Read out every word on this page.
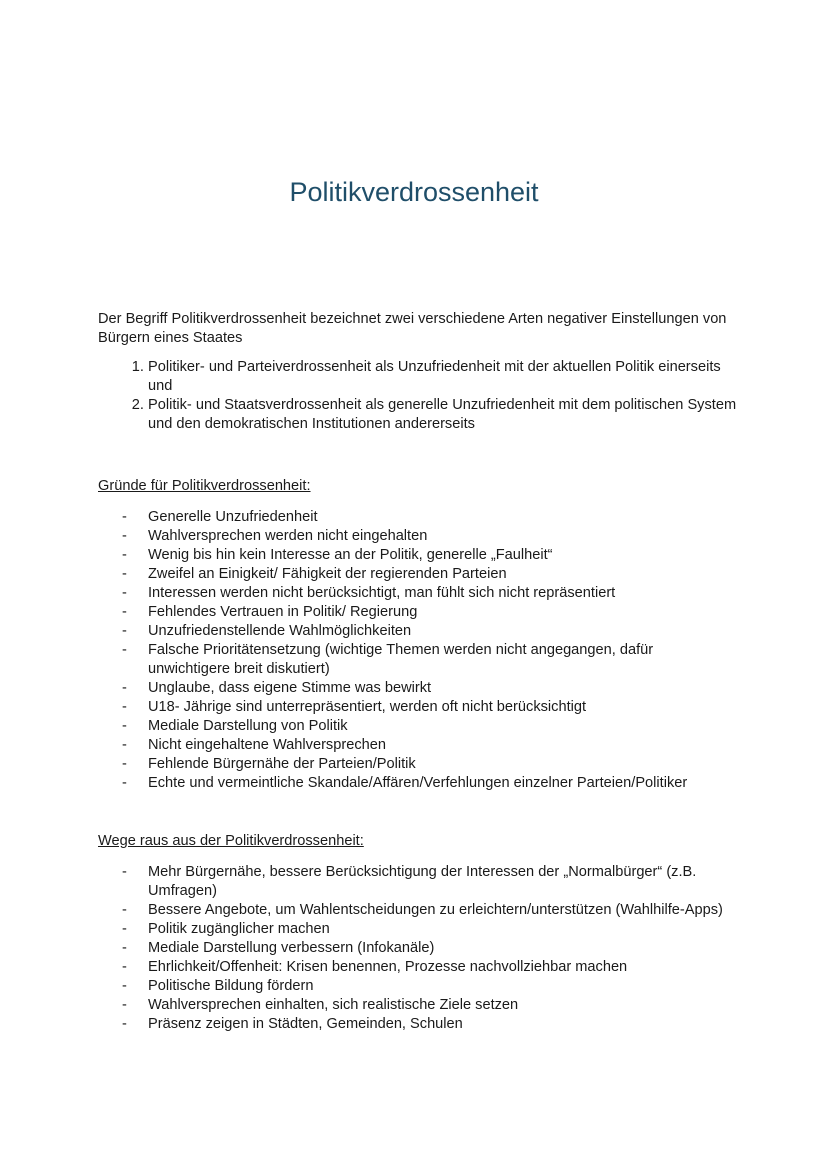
Politikverdrossenheit

Der Begriff Politikverdrossenheit bezeichnet zwei verschiedene Arten negativer Einstellungen von Bürgern eines Staates

1. Politiker- und Parteiverdrossenheit als Unzufriedenheit mit der aktuellen Politik einerseits und
2. Politik- und Staatsverdrossenheit als generelle Unzufriedenheit mit dem politischen System und den demokratischen Institutionen andererseits
Gründe für Politikverdrossenheit:
- Generelle Unzufriedenheit
- Wahlversprechen werden nicht eingehalten
- Wenig bis hin kein Interesse an der Politik, generelle „Faulheit“
- Zweifel an Einigkeit/ Fähigkeit der regierenden Parteien
- Interessen werden nicht berücksichtigt, man fühlt sich nicht repräsentiert
- Fehlendes Vertrauen in Politik/ Regierung
- Unzufriedenstellende Wahlmöglichkeiten
- Falsche Prioritätensetzung (wichtige Themen werden nicht angegangen, dafür unwichtigere breit diskutiert)
- Unglaube, dass eigene Stimme was bewirkt
- U18- Jährige sind unterrepräsentiert, werden oft nicht berücksichtigt
- Mediale Darstellung von Politik
- Nicht eingehaltene Wahlversprechen
- Fehlende Bürgernähe der Parteien/Politik
- Echte und vermeintliche Skandale/Affären/Verfehlungen einzelner Parteien/Politiker
Wege raus aus der Politikverdrossenheit:
- Mehr Bürgernähe, bessere Berücksichtigung der Interessen der „Normalbürger“ (z.B. Umfragen)
- Bessere Angebote, um Wahlentscheidungen zu erleichtern/unterstützen (Wahlhilfe-Apps)
- Politik zugänglicher machen
- Mediale Darstellung verbessern (Infokanäle)
- Ehrlichkeit/Offenheit: Krisen benennen, Prozesse nachvollziehbar machen
- Politische Bildung fördern
- Wahlversprechen einhalten, sich realistische Ziele setzen
- Präsenz zeigen in Städten, Gemeinden, Schulen
